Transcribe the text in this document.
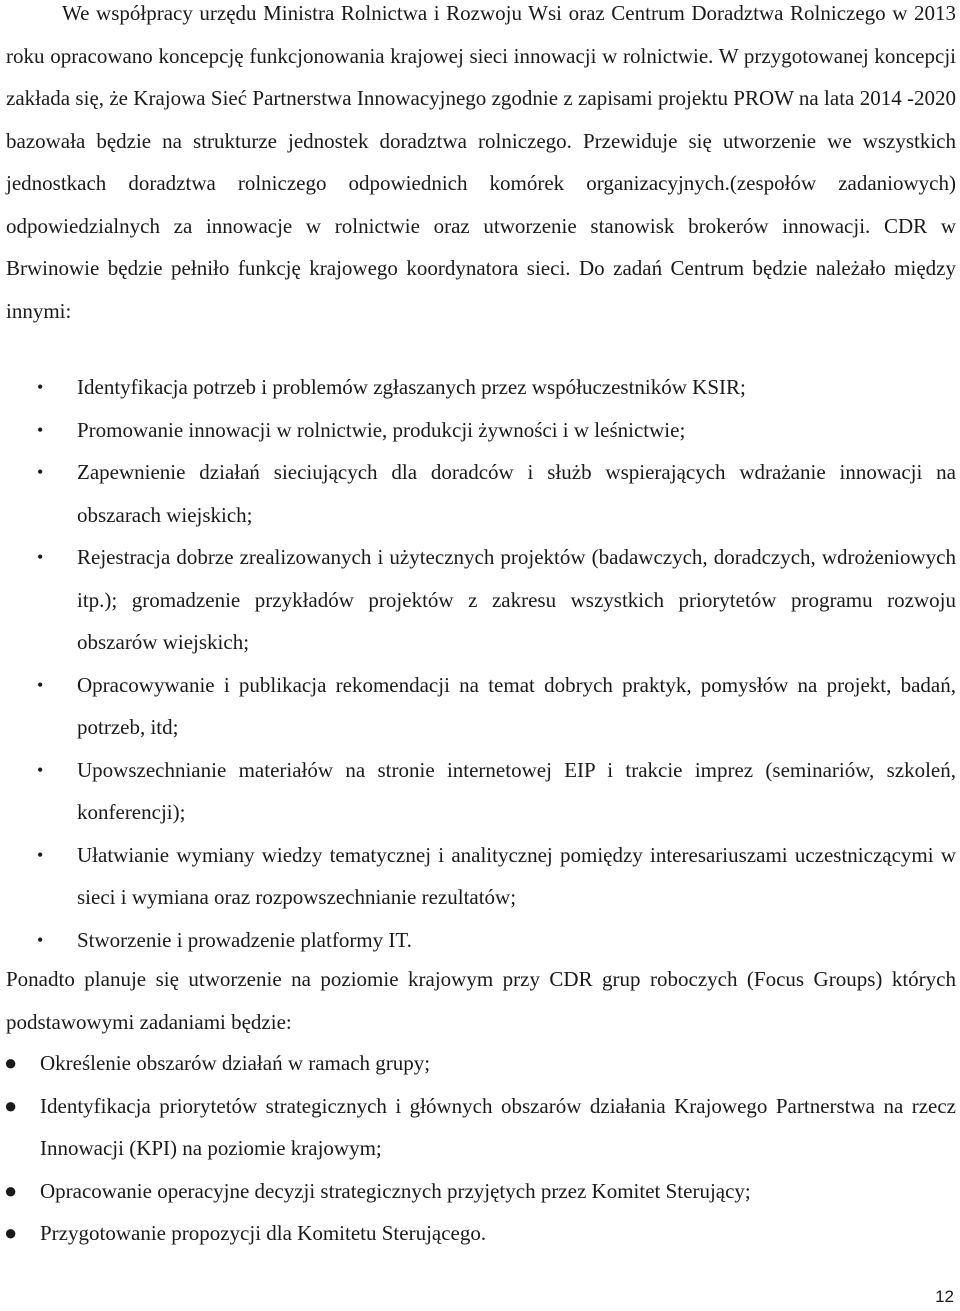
We współpracy urzędu Ministra Rolnictwa i Rozwoju Wsi oraz Centrum Doradztwa Rolniczego w 2013 roku opracowano koncepcję funkcjonowania krajowej sieci innowacji w rolnictwie. W przygotowanej koncepcji zakłada się, że Krajowa Sieć Partnerstwa Innowacyjnego zgodnie z zapisami projektu PROW na lata 2014 -2020 bazowała będzie na strukturze jednostek doradztwa rolniczego. Przewiduje się utworzenie we wszystkich jednostkach doradztwa rolniczego odpowiednich komórek organizacyjnych.(zespołów zadaniowych) odpowiedzialnych za innowacje w rolnictwie oraz utworzenie stanowisk brokerów innowacji. CDR w Brwinowie będzie pełniło funkcję krajowego koordynatora sieci. Do zadań Centrum będzie należało między innymi:

• Identyfikacja potrzeb i problemów zgłaszanych przez współuczestników KSIR;
• Promowanie innowacji w rolnictwie, produkcji żywności i w leśnictwie;
• Zapewnienie działań sieciujących dla doradców i służb wspierających wdrażanie innowacji na obszarach wiejskich;
• Rejestracja dobrze zrealizowanych i użytecznych projektów (badawczych, doradczych, wdrożeniowych itp.); gromadzenie przykładów projektów z zakresu wszystkich priorytetów programu rozwoju obszarów wiejskich;
• Opracowywanie i publikacja rekomendacji na temat dobrych praktyk, pomysłów na projekt, badań, potrzeb, itd;
• Upowszechnianie materiałów na stronie internetowej EIP i trakcie imprez (seminariów, szkoleń, konferencji);
• Ułatwianie wymiany wiedzy tematycznej i analitycznej pomiędzy interesariuszami uczestniczącymi w sieci i wymiana oraz rozpowszechnianie rezultatów;
• Stworzenie i prowadzenie platformy IT.

Ponadto planuje się utworzenie na poziomie krajowym przy CDR grup roboczych (Focus Groups) których podstawowymi zadaniami będzie:

● Określenie obszarów działań w ramach grupy;
● Identyfikacja priorytetów strategicznych i głównych obszarów działania Krajowego Partnerstwa na rzecz Innowacji (KPI) na poziomie krajowym;
● Opracowanie operacyjne decyzji strategicznych przyjętych przez Komitet Sterujący;
● Przygotowanie propozycji dla Komitetu Sterującego.
12
